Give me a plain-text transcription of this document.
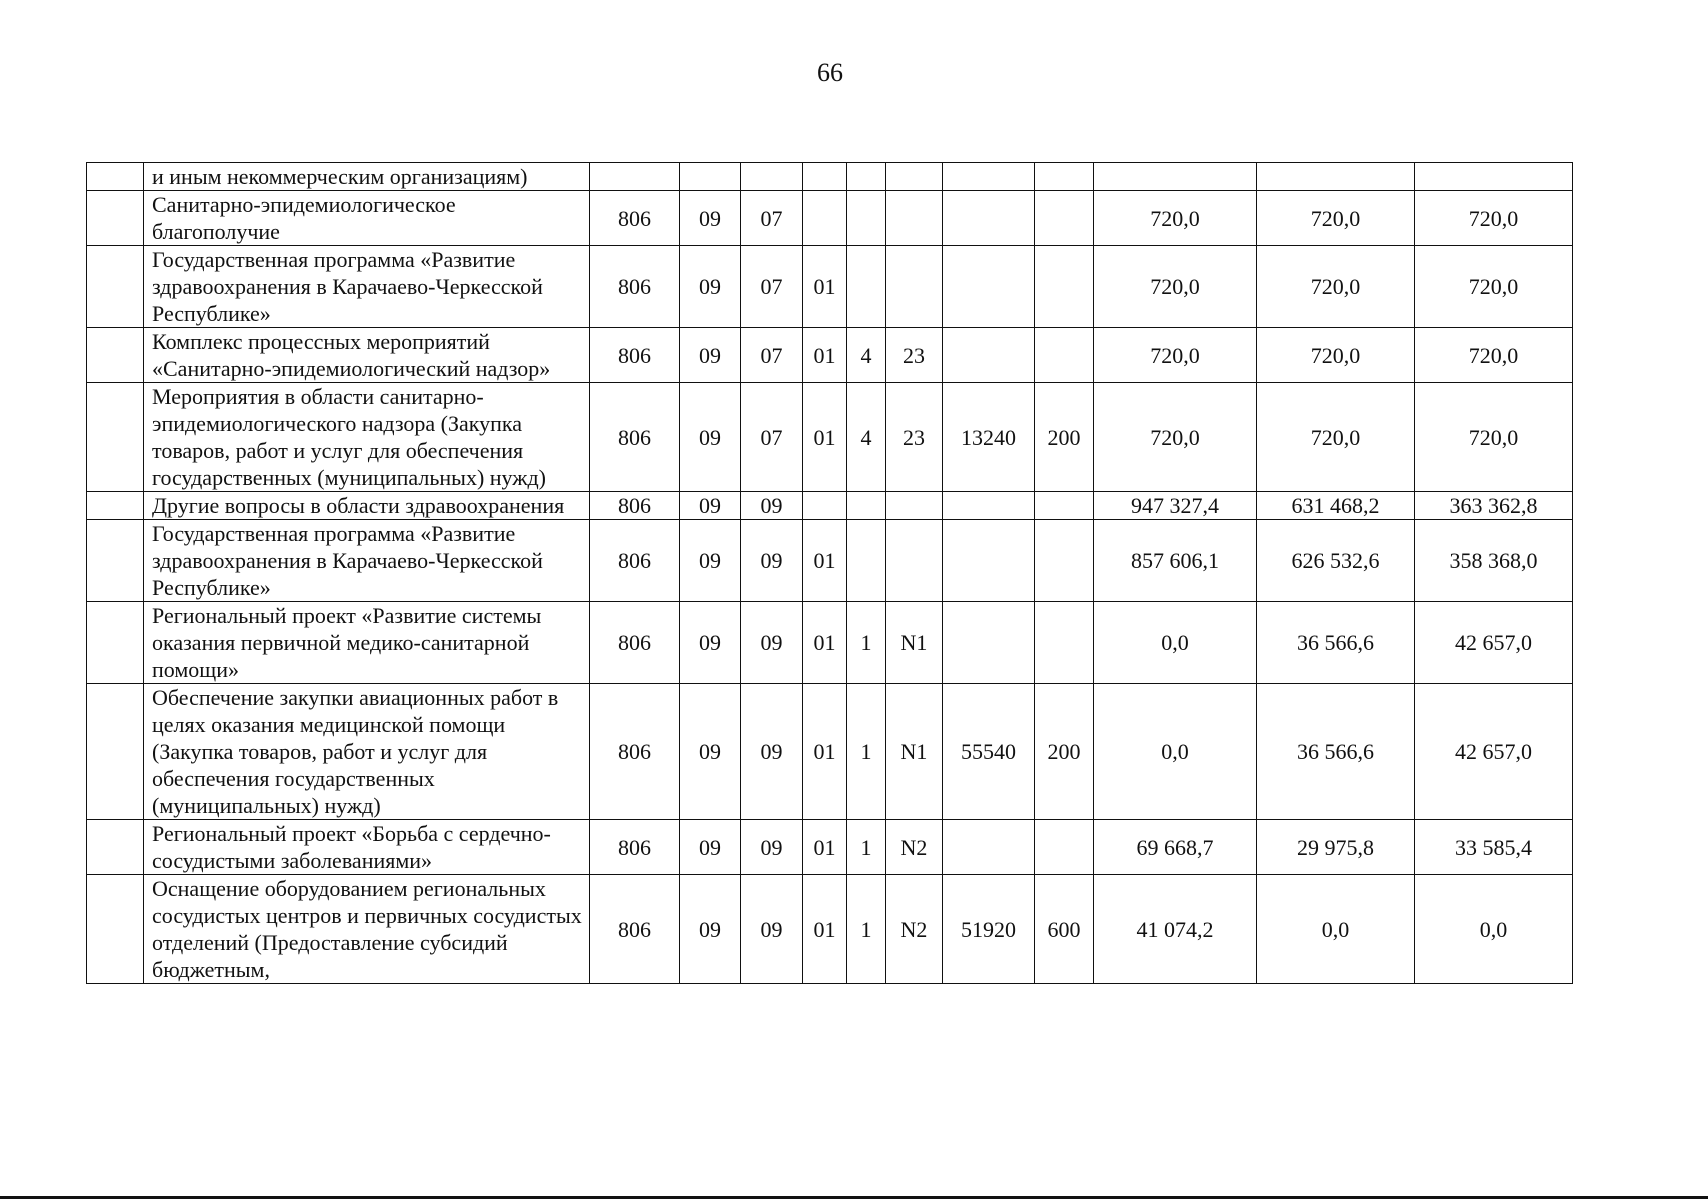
66
	и иным некоммерческим организациям)											
	Санитарно-эпидемиологическое благополучие	806	09	07						720,0	720,0	720,0
	Государственная программа «Развитие здравоохранения в Карачаево-Черкесской Республике»	806	09	07	01					720,0	720,0	720,0
	Комплекс процессных мероприятий «Санитарно-эпидемиологический надзор»	806	09	07	01	4	23			720,0	720,0	720,0
	Мероприятия в области санитарно-эпидемиологического надзора (Закупка товаров, работ и услуг для обеспечения государственных (муниципальных) нужд)	806	09	07	01	4	23	13240	200	720,0	720,0	720,0
	Другие вопросы в области здравоохранения	806	09	09						947 327,4	631 468,2	363 362,8
	Государственная программа «Развитие здравоохранения в Карачаево-Черкесской Республике»	806	09	09	01					857 606,1	626 532,6	358 368,0
	Региональный проект «Развитие системы оказания первичной медико-санитарной помощи»	806	09	09	01	1	N1			0,0	36 566,6	42 657,0
	Обеспечение закупки авиационных работ в целях оказания медицинской помощи (Закупка товаров, работ и услуг для обеспечения государственных (муниципальных) нужд)	806	09	09	01	1	N1	55540	200	0,0	36 566,6	42 657,0
	Региональный проект «Борьба с сердечно-сосудистыми заболеваниями»	806	09	09	01	1	N2			69 668,7	29 975,8	33 585,4
	Оснащение оборудованием региональных сосудистых центров и первичных сосудистых отделений (Предоставление субсидий бюджетным,	806	09	09	01	1	N2	51920	600	41 074,2	0,0	0,0
